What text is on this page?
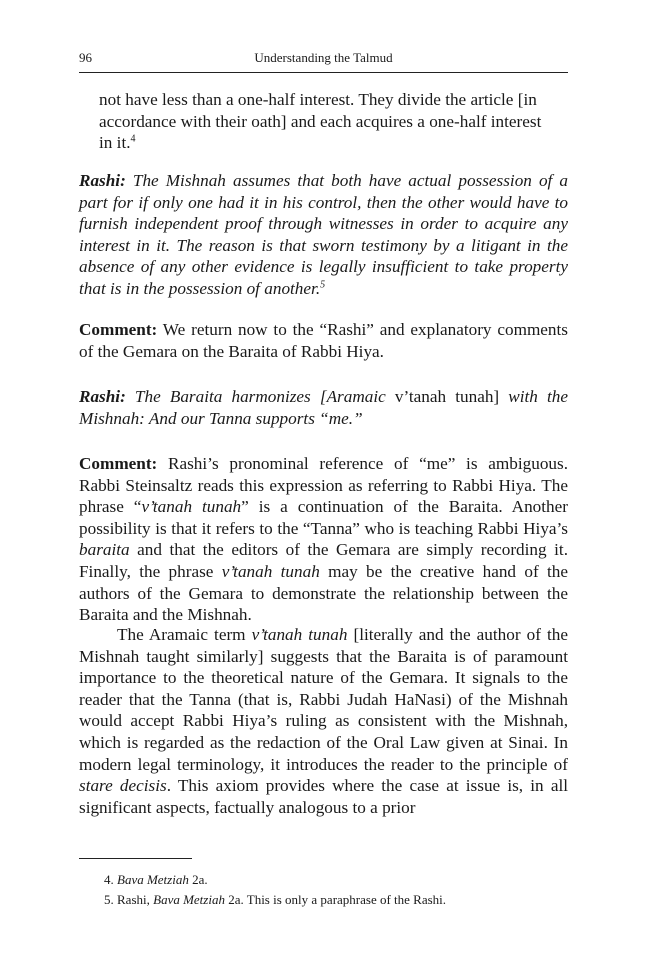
96	Understanding the Talmud

not have less than a one-half interest. They divide the article [in accordance with their oath] and each acquires a one-half interest in it.$^4$

Rashi: The Mishnah assumes that both have actual possession of a part for if only one had it in his control, then the other would have to furnish independent proof through witnesses in order to acquire any interest in it. The reason is that sworn testimony by a litigant in the absence of any other evidence is legally insufficient to take property that is in the possession of another.$^5$

Comment: We return now to the “Rashi” and explanatory comments of the Gemara on the Baraita of Rabbi Hiya.

Rashi: The Baraita harmonizes [Aramaic v’tanah tunah] with the Mishnah: And our Tanna supports “me.”

Comment: Rashi’s pronominal reference of “me” is ambiguous. Rabbi Steinsaltz reads this expression as referring to Rabbi Hiya. The phrase “v’tanah tunah” is a continuation of the Baraita. Another possibility is that it refers to the “Tanna” who is teaching Rabbi Hiya’s baraita and that the editors of the Gemara are simply recording it. Finally, the phrase v’tanah tunah may be the creative hand of the authors of the Gemara to demonstrate the relationship between the Baraita and the Mishnah.

The Aramaic term v’tanah tunah [literally and the author of the Mishnah taught similarly] suggests that the Baraita is of paramount importance to the theoretical nature of the Gemara. It signals to the reader that the Tanna (that is, Rabbi Judah HaNasi) of the Mishnah would accept Rabbi Hiya’s ruling as consistent with the Mishnah, which is regarded as the redaction of the Oral Law given at Sinai. In modern legal terminology, it introduces the reader to the principle of stare decisis. This axiom provides where the case at issue is, in all significant aspects, factually analogous to a prior

4. Bava Metziah 2a.
5. Rashi, Bava Metziah 2a. This is only a paraphrase of the Rashi.
